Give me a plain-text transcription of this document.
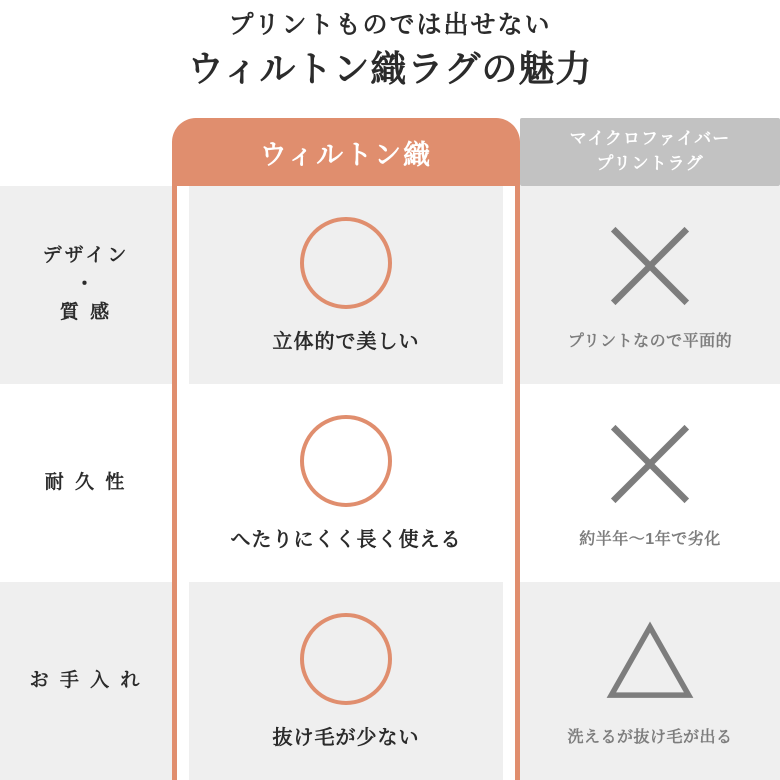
プリントものでは出せない
ウィルトン織ラグの魅力
デザイン
・
質 感
プリントなので平面的
耐 久 性
約半年〜1年で劣化
お 手 入 れ
洗えるが抜け毛が出る
立体的で美しい
へたりにくく長く使える
抜け毛が少ない
ウィルトン織
マイクロファイバー
プリントラグ
